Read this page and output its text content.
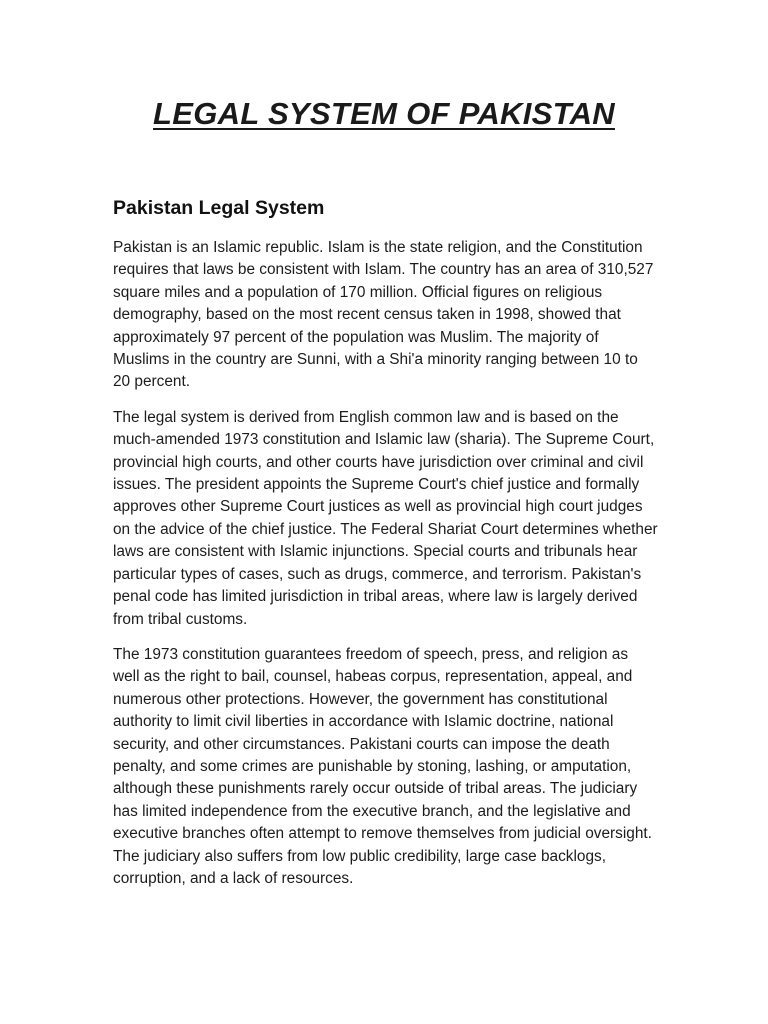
LEGAL SYSTEM OF PAKISTAN
Pakistan Legal System

Pakistan is an Islamic republic. Islam is the state religion, and the Constitution requires that laws be consistent with Islam. The country has an area of 310,527 square miles and a population of 170 million. Official figures on religious demography, based on the most recent census taken in 1998, showed that approximately 97 percent of the population was Muslim. The majority of Muslims in the country are Sunni, with a Shi'a minority ranging between 10 to 20 percent.

The legal system is derived from English common law and is based on the much-amended 1973 constitution and Islamic law (sharia). The Supreme Court, provincial high courts, and other courts have jurisdiction over criminal and civil issues. The president appoints the Supreme Court's chief justice and formally approves other Supreme Court justices as well as provincial high court judges on the advice of the chief justice. The Federal Shariat Court determines whether laws are consistent with Islamic injunctions. Special courts and tribunals hear particular types of cases, such as drugs, commerce, and terrorism. Pakistan's penal code has limited jurisdiction in tribal areas, where law is largely derived from tribal customs.

The 1973 constitution guarantees freedom of speech, press, and religion as well as the right to bail, counsel, habeas corpus, representation, appeal, and numerous other protections. However, the government has constitutional authority to limit civil liberties in accordance with Islamic doctrine, national security, and other circumstances. Pakistani courts can impose the death penalty, and some crimes are punishable by stoning, lashing, or amputation, although these punishments rarely occur outside of tribal areas. The judiciary has limited independence from the executive branch, and the legislative and executive branches often attempt to remove themselves from judicial oversight. The judiciary also suffers from low public credibility, large case backlogs, corruption, and a lack of resources.
